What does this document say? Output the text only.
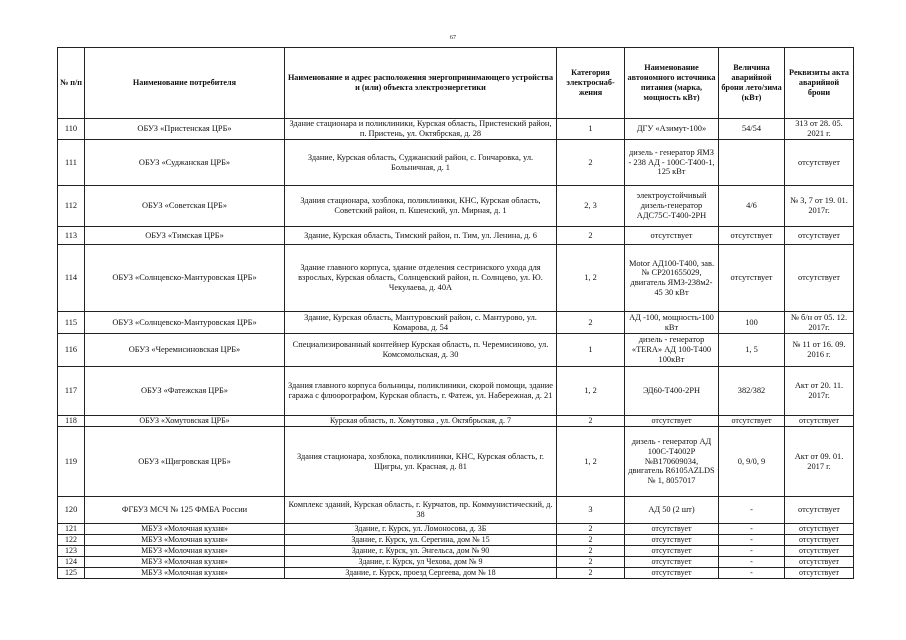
67
№ п/п	Наименование потребителя	Наименование и адрес расположения энергопринимающего устройства и (или) объекта электроэнергетики	Категория электроснаб-жения	Наименование автономного источника питания (марка, мощность кВт)	Величина аварийной брони лето/зима (кВт)	Реквизиты акта аварийной брони
110	ОБУЗ «Пристенская ЦРБ»	Здание стационара и поликлиники, Курская область, Пристенский район, п. Пристень, ул. Октябрская, д. 28	1	ДГУ «Азимут-100»	54/54	313 от 28. 05. 2021 г.
111	ОБУЗ «Суджанская ЦРБ»	Здание, Курская область, Суджанский район, с. Гончаровка, ул. Больничная, д. 1	2	дизель - генератор ЯМЗ - 238 АД - 100С-Т400-1, 125 кВт		отсутствует
112	ОБУЗ «Советская ЦРБ»	Здания стационара, хозблока, поликлиники, КНС, Курская область, Советский район, п. Кшенский, ул. Мирная, д. 1	2, 3	электроустойчивый дизель-генератор АДС75С-Т400-2РН	4/6	№ 3, 7 от 19. 01. 2017г.
113	ОБУЗ «Тимская ЦРБ»	Здание, Курская область, Тимский район, п. Тим, ул. Ленина, д. 6	2	отсутствует	отсутствует	отсутствует
114	ОБУЗ «Солнцевско-Мантуровская ЦРБ»	Здание главного корпуса, здание отделения сестринского ухода для взрослых, Курская область, Солнцевский район, п. Солнцево, ул. Ю. Чекулаева, д. 40А	1, 2	Motor АД100-Т400, зав. № СР201655029, двигатель ЯМЗ-238м2-45 30 кВт	отсутствует	отсутствует
115	ОБУЗ «Солнцевско-Мантуровская ЦРБ»	Здание, Курская область, Мантуровский район, с. Мантурово, ул. Комарова, д. 54	2	АД -100, мощность-100 кВт	100	№ б/н от 05. 12. 2017г.
116	ОБУЗ «Черемисиновская ЦРБ»	Специализированный контейнер Курская область, п. Черемисиново, ул. Комсомольская, д. 30	1	дизель - генератор «TERA» АД 100-Т400 100кВт	1, 5	№ 11 от 16. 09. 2016 г.
117	ОБУЗ «Фатежская ЦРБ»	Здания главного корпуса больницы, поликлиники, скорой помощи, здание гаража с флюорографом, Курская область, г. Фатеж, ул. Набережная, д. 21	1, 2	ЭД60-Т400-2РН	382/382	Акт от 20. 11. 2017г.
118	ОБУЗ «Хомутовская ЦРБ»	Курская область, п. Хомутовка , ул. Октябрьская, д. 7	2	отсутствует	отсутствует	отсутствует
119	ОБУЗ «Щигровская ЦРБ»	Здания стационара, хозблока, поликлиники, КНС, Курская область, г. Щигры, ул. Красная, д. 81	1, 2	дизель - генератор АД 100С-Т4002Р №В170609034, двигатель R6105AZLDS № 1, 8057017	0, 9/0, 9	Акт от 09. 01. 2017 г.
120	ФГБУЗ МСЧ № 125 ФМБА России	Комплекс зданий, Курская область, г. Курчатов, пр. Коммунистический, д. 38	3	АД 50 (2 шт)	-	отсутствует
121	МБУЗ «Молочная кухня»	Здание, г. Курск, ул. Ломоносова, д. 3Б	2	отсутствует	-	отсутствует
122	МБУЗ «Молочная кухня»	Здание, г. Курск, ул. Серегина, дом № 15	2	отсутствует	-	отсутствует
123	МБУЗ «Молочная кухня»	Здание, г. Курск, ул. Энгельса, дом № 90	2	отсутствует	-	отсутствует
124	МБУЗ «Молочная кухня»	Здание, г. Курск, ул Чехова, дом № 9	2	отсутствует	-	отсутствует
125	МБУЗ «Молочная кухня»	Здание, г. Курск, проезд Сергеева, дом № 18	2	отсутствует	-	отсутствует
